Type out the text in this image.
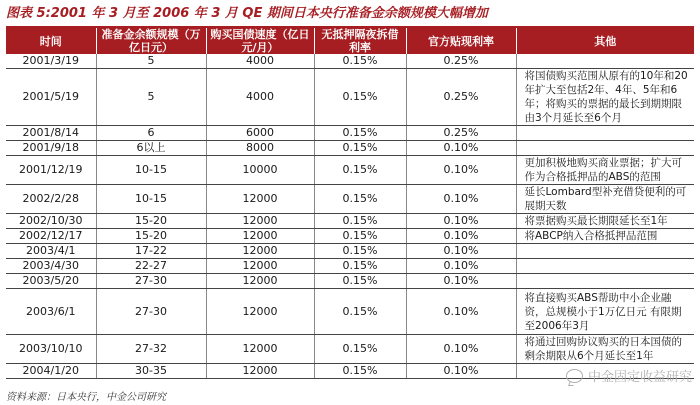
图表 5:2001 年 3 月至 2006 年 3 月 QE 期间日本央行准备金余额规模大幅增加
时间	准备金余额规模（万亿日元）	购买国债速度（亿日元/月）	无抵押隔夜拆借利率	官方贴现利率	其他
2001/3/19	5	4000	0.15%	0.25%	
2001/5/19	5	4000	0.15%	0.25%	将国债购买范围从原有的10年和20年扩大至包括2年、4年、5年和6年；将购买的票据的最长到期期限由3个月延长至6个月
2001/8/14	6	6000	0.15%	0.25%	
2001/9/18	6以上	8000	0.15%	0.10%	
2001/12/19	10-15	10000	0.15%	0.10%	更加积极地购买商业票据；扩大可作为合格抵押品的ABS的范围
2002/2/28	10-15	12000	0.15%	0.10%	延长Lombard型补充借贷便利的可展期天数
2002/10/30	15-20	12000	0.15%	0.10%	将票据购买最长期限延长至1年
2002/12/17	15-20	12000	0.15%	0.10%	将ABCP纳入合格抵押品范围
2003/4/1	17-22	12000	0.15%	0.10%	
2003/4/30	22-27	12000	0.15%	0.10%	
2003/5/20	27-30	12000	0.15%	0.10%	
2003/6/1	27-30	12000	0.15%	0.10%	将直接购买ABS帮助中小企业融资，总规模小于1万亿日元 有限期至2006年3月
2003/10/10	27-32	12000	0.15%	0.10%	将通过回购协议购买的日本国债的剩余期限从6个月延长至1年
2004/1/20	30-35	12000	0.15%	0.10%	
资料来源：日本央行，中金公司研究
中金固定收益研究
